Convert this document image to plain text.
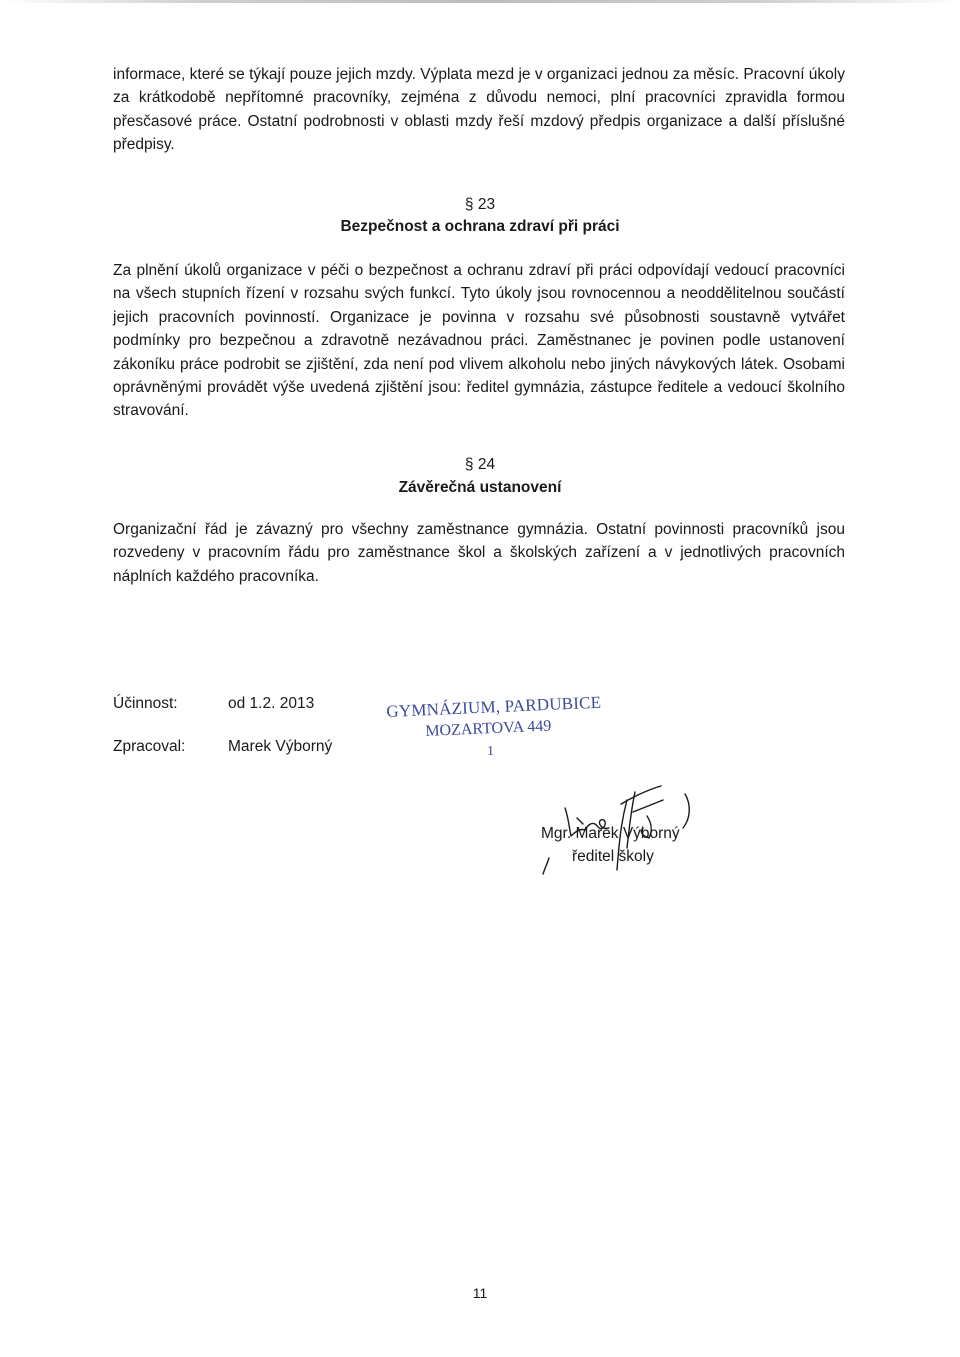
informace, které se týkají pouze jejich mzdy. Výplata mezd je v organizaci jednou za měsíc. Pracovní úkoly za krátkodobě nepřítomné pracovníky, zejména z důvodu nemoci, plní pracovníci zpravidla formou přesčasové práce. Ostatní podrobnosti v oblasti mzdy řeší mzdový předpis organizace a další příslušné předpisy.

§ 23

Bezpečnost a ochrana zdraví při práci

Za plnění úkolů organizace v péči o bezpečnost a ochranu zdraví při práci odpovídají vedoucí pracovníci na všech stupních řízení v rozsahu svých funkcí. Tyto úkoly jsou rovnocennou a neoddělitelnou součástí jejich pracovních povinností. Organizace je povinna v rozsahu své působnosti soustavně vytvářet podmínky pro bezpečnou a zdravotně nezávadnou práci. Zaměstnanec je povinen podle ustanovení zákoníku práce podrobit se zjištění, zda není pod vlivem alkoholu nebo jiných návykových látek. Osobami oprávněnými provádět výše uvedená zjištění jsou: ředitel gymnázia, zástupce ředitele a vedoucí školního stravování.

§ 24

Závěrečná ustanovení

Organizační řád je závazný pro všechny zaměstnance gymnázia. Ostatní povinnosti pracovníků jsou rozvedeny v pracovním řádu pro zaměstnance škol a školských zařízení a v jednotlivých pracovních náplních každého pracovníka.

Účinnost:	od 1.2. 2013

Zpracoval:	Marek Výborný

GYMNÁZIUM, PARDUBICE

MOZARTOVA 449

1

Mgr. Marek Výborný

ředitel školy

11
